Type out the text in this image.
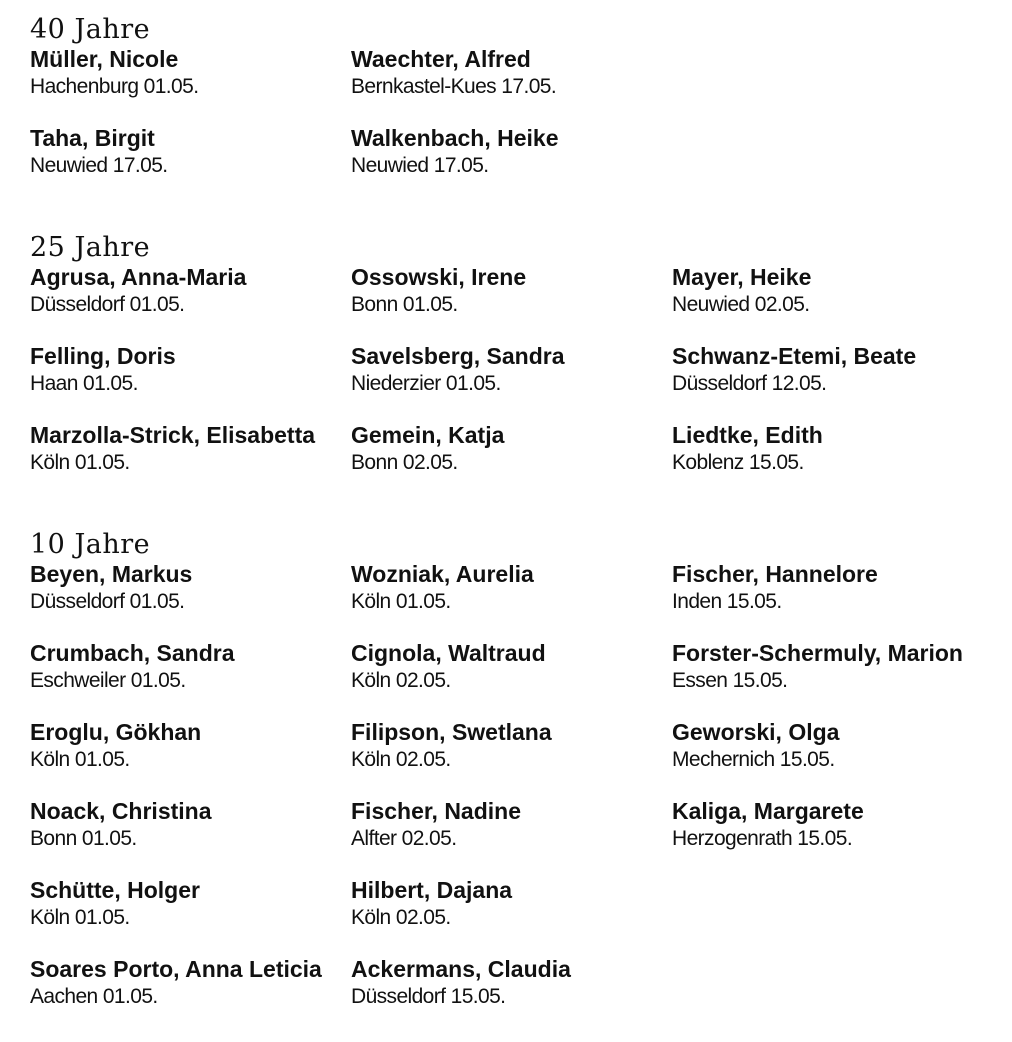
40 Jahre
Müller, Nicole
Hachenburg 01.05.
Waechter, Alfred
Bernkastel-Kues 17.05.
Taha, Birgit
Neuwied 17.05.
Walkenbach, Heike
Neuwied 17.05.
25 Jahre
Agrusa, Anna-Maria
Düsseldorf 01.05.
Ossowski, Irene
Bonn 01.05.
Mayer, Heike
Neuwied 02.05.
Felling, Doris
Haan 01.05.
Savelsberg, Sandra
Niederzier 01.05.
Schwanz-Etemi, Beate
Düsseldorf 12.05.
Marzolla-Strick, Elisabetta
Köln 01.05.
Gemein, Katja
Bonn 02.05.
Liedtke, Edith
Koblenz 15.05.
10 Jahre
Beyen, Markus
Düsseldorf 01.05.
Wozniak, Aurelia
Köln 01.05.
Fischer, Hannelore
Inden 15.05.
Crumbach, Sandra
Eschweiler 01.05.
Cignola, Waltraud
Köln 02.05.
Forster-Schermuly, Marion
Essen 15.05.
Eroglu, Gökhan
Köln 01.05.
Filipson, Swetlana
Köln 02.05.
Geworski, Olga
Mechernich 15.05.
Noack, Christina
Bonn 01.05.
Fischer, Nadine
Alfter 02.05.
Kaliga, Margarete
Herzogenrath 15.05.
Schütte, Holger
Köln 01.05.
Hilbert, Dajana
Köln 02.05.
Soares Porto, Anna Leticia
Aachen 01.05.
Ackermans, Claudia
Düsseldorf 15.05.
